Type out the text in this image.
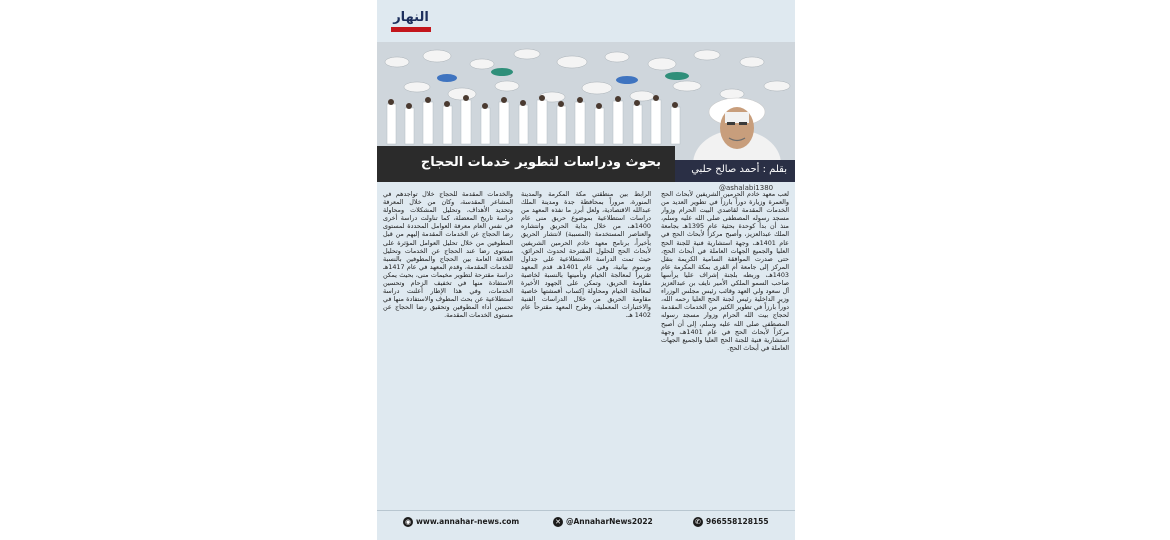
النهار
بحوث ودراسات لتطوير خدمات الحجاج	بقلم : أحمد صالح حلبي
@ashalabi1380

لعب معهد خادم الحرمين الشريفين لأبحاث الحج والعمرة وزيارة دوراً بارزاً في تطوير العديد من الخدمات المقدمة لقاصدي البيت الحرام وزوار مسجد رسوله المصطفى صلى الله عليه وسلم، منذ أن بدأ كوحدة بحثية عام 1395هـ بجامعة الملك عبدالعزيز، وأصبح مركزاً لأبحاث الحج في عام 1401هـ، وجهة استشارية فنية للجنة الحج العليا والجميع الجهات العاملة في أبحاث الحج، حتى صدرت الموافقة السامية الكريمة بنقل المركز إلى جامعة أم القرى بمكة المكرمة عام 1403هـ، وربطه بلجنة إشراف عليا يرأسها صاحب السمو الملكي الأمير نايف بن عبدالعزيز آل سعود ولي العهد وقائب رئيس مجلس الوزراء وزير الداخلية رئيس لجنة الحج العليا رحمه الله، دوراً بارزاً في تطوير الكثير من الخدمات المقدمة لحجاج بيت الله الحرام وزوار مسجد رسوله المصطفى صلى الله عليه وسلم، إلى أن أصبح مركزاً لأبحاث الحج في عام 1401هـ، وجهة استشارية فنية للجنة الحج العليا والجميع الجهات العاملة في أبحاث الحج.

الرابط بين منطقتي مكة المكرمة والمدينة المنورة، مروراً بمحافظة جدة ومدينة الملك عبدالله الاقتصادية، ولعل أبرز ما نفذه المعهد من دراسات استطلاعية بموضوع حريق منى عام 1400هـ، من خلال بداية الحريق وانتشاره والعناصر المستخدمة (المسببة) لانتشار الحريق بأخيراً، برنامج معهد خادم الحرمين الشريفين لأبحاث الحج للحلول المقترحة لحدوث الحرائق، حيث تمت الدراسة الاستطلاعية على جداول ورسوم بيانية، وفي عام 1401هـ قدم المعهد تقريراً لمعالجة الخيام وتأمينها بالنسبة لخاصية مقاومة الحريق، وتمكن على الجهود الأخيرة لمعالجة الخيام ومحاولة إكساب أقمشتها خاصية مقاومة الحريق من خلال الدراسات الفنية والاختبارات المعملية، وطرح المعهد مقترحاً عام 1402 هـ.

والخدمات المقدمة للحجاج خلال تواجدهم في المشاعر المقدسة، وكان من خلال المعرفة وتحديد الأهداف، وتحليل المشكلات ومحاولة دراسة تاريخ المعضلة، كما تناولت دراسة أخرى في نفس العام معرفة العوامل المحددة لمستوى رضا الحجاج عن الخدمات المقدمة إليهم من قبل المطوفين من خلال تحليل العوامل المؤثرة على مستوى رضا عند الحجاج عن الخدمات وتحليل العلاقة العامة بين الحجاج والمطوفين بالنسبة للخدمات المقدمة، وقدم المعهد في عام 1417هـ دراسة مقترحة لتطوير مخيمات منى، بحيث يمكن الاستفادة منها في تخفيف الزحام وتحسين الخدمات، وفي هذا الإطار أعلنت دراسة استطلاعية عن بحث المطوف والاستفادة منها في تحسين أداء المطوفين وتحقيق رضا الحجاج عن مستوى الخدمات المقدمة.

◉ www.annahar-news.com	✕ @AnnaharNews2022	✆ 966558128155
